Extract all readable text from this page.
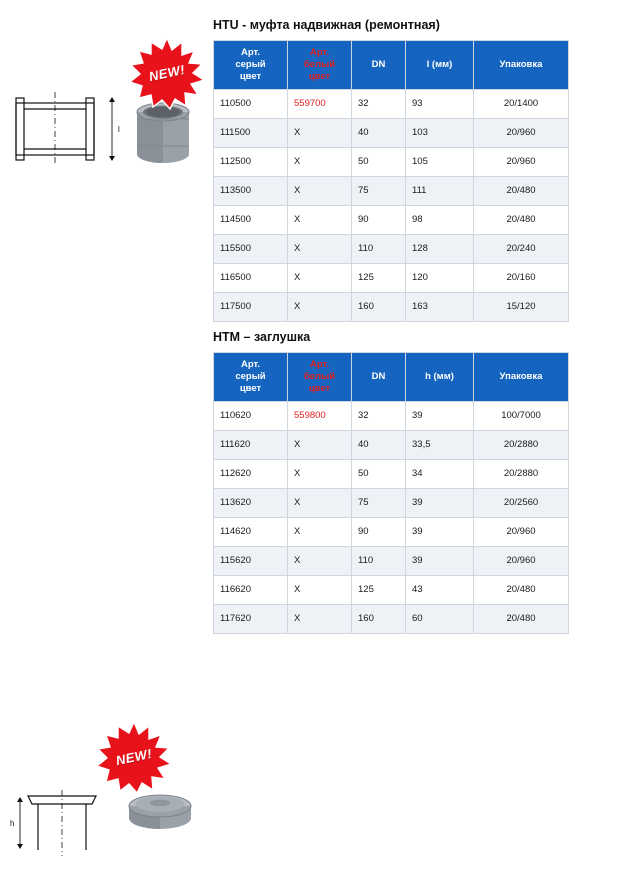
l
NEW!
HTU - муфта надвижная (ремонтная)
Арт.
серый
цвет

Арт.
белый
цвет
	DN	l (мм)	Упаковка
110500	559700	32	93	20/1400
111500	X	40	103	20/960
112500	X	50	105	20/960
113500	X	75	111	20/480
114500	X	90	98	20/480
115500	X	110	128	20/240
116500	X	125	120	20/160
117500	X	160	163	15/120
h
NEW!
HTM – заглушка
Арт.
серый
цвет

Арт.
белый
цвет
	DN	h (мм)	Упаковка
110620	559800	32	39	100/7000
111620	X	40	33,5	20/2880
112620	X	50	34	20/2880
113620	X	75	39	20/2560
114620	X	90	39	20/960
115620	X	110	39	20/960
116620	X	125	43	20/480
117620	X	160	60	20/480
